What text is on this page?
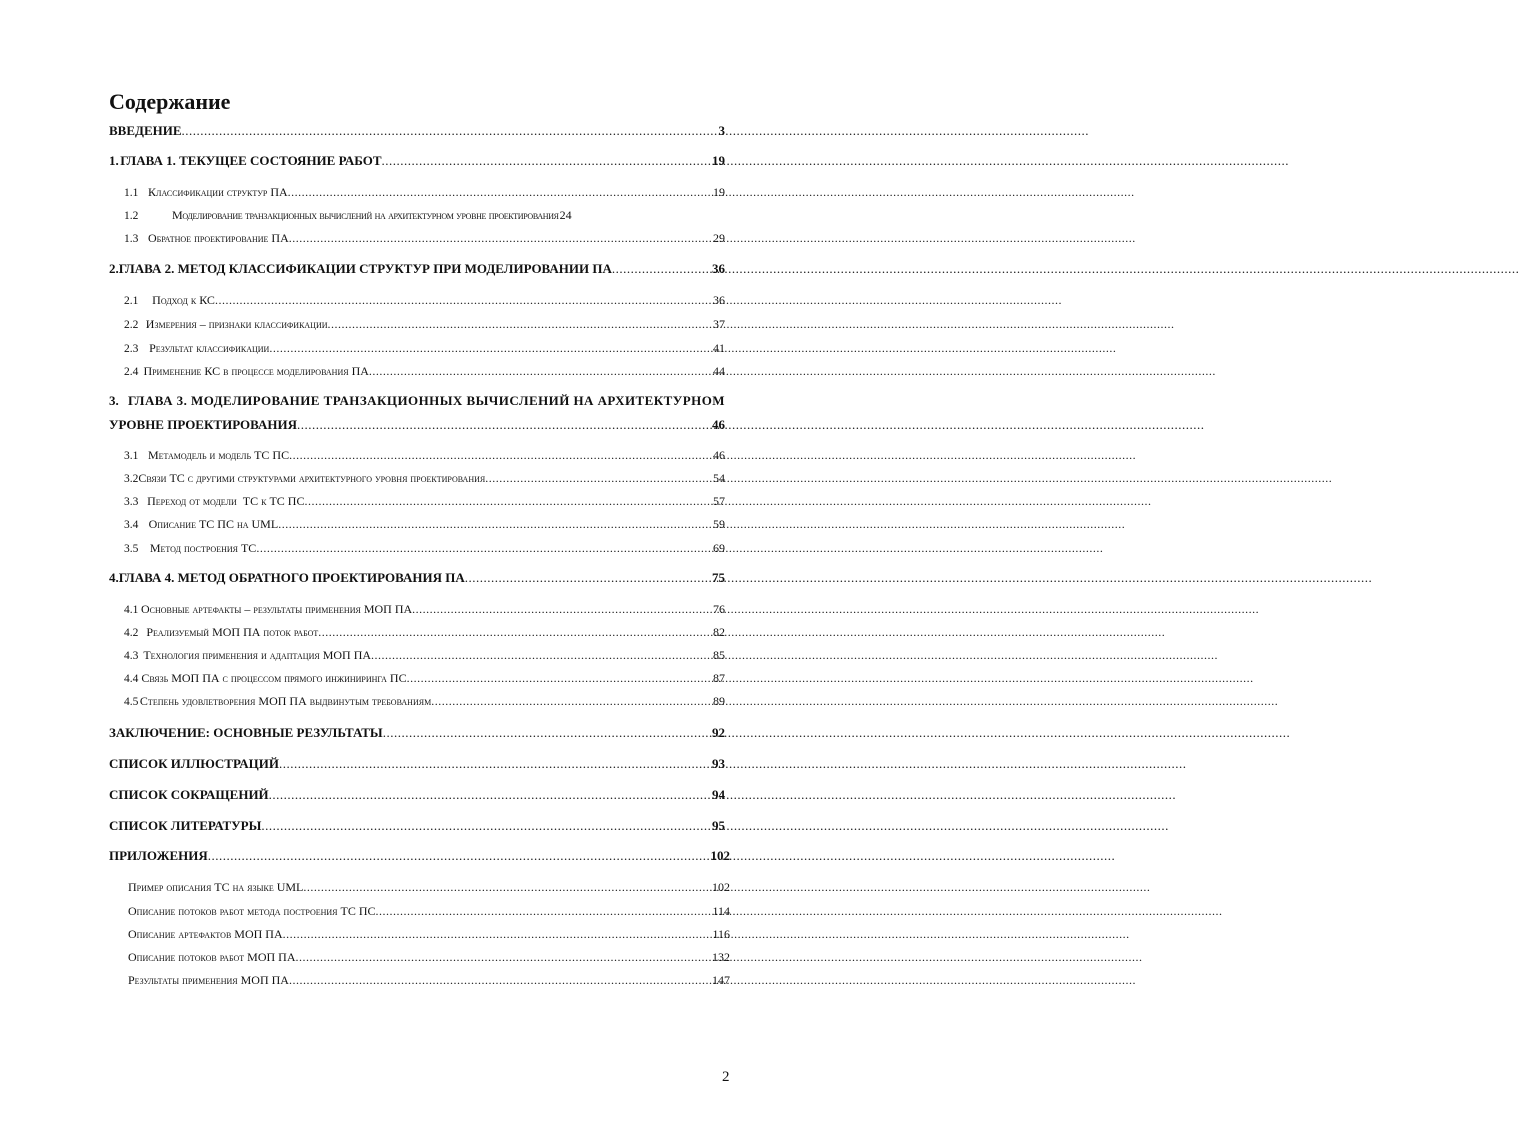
Содержание
ВВЕДЕНИЕ .....	3
1. ГЛАВА 1. ТЕКУЩЕЕ СОСТОЯНИЕ РАБОТ .....	19
1.1 Классификации структур ПА .....	19
1.2	Моделирование транзакционных вычислений на архитектурном уровне проектирования 24
1.3 Обратное проектирование ПА .....	29
2. ГЛАВА 2. МЕТОД КЛАССИФИКАЦИИ СТРУКТУР ПРИ МОДЕЛИРОВАНИИ ПА .....	36
2.1	Подход к КС .....	36
2.2 Измерения – признаки классификации .....	37
2.3 Результат классификации .....	41
2.4 Применение КС в процессе моделирования ПА .....	44
3. ГЛАВА 3. МОДЕЛИРОВАНИЕ ТРАНЗАКЦИОННЫХ ВЫЧИСЛЕНИЙ НА АРХИТЕКТУРНОМ
УРОВНЕ ПРОЕКТИРОВАНИЯ .....	46
3.1 Метамодель и модель ТС ПС .....	46
3.2 Связи ТС с другими структурами архитектурного уровня проектирования .....	54
3.3 Переход от модели  ТС к ТС ПС .....	57
3.4 Описание ТС ПС на UML .....	59
3.5 Метод построения ТС .....	69
4. ГЛАВА 4. МЕТОД ОБРАТНОГО ПРОЕКТИРОВАНИЯ ПА .....	75
4.1 Основные артефакты – результаты применения МОП ПА .....	76
4.2 Реализуемый МОП ПА поток работ .....	82
4.3 Технология применения и адаптация МОП ПА .....	85
4.4 Связь МОП ПА с процессом прямого инжиниринга ПС .....	87
4.5 Степень удовлетворения МОП ПА выдвинутым требованиям .....	89
ЗАКЛЮЧЕНИЕ: ОСНОВНЫЕ РЕЗУЛЬТАТЫ .....	92
СПИСОК ИЛЛЮСТРАЦИЙ .....	93
СПИСОК СОКРАЩЕНИЙ .....	94
СПИСОК ЛИТЕРАТУРЫ .....	95
ПРИЛОЖЕНИЯ .....	102
Пример описания ТС на языке UML .....	102
Описание потоков работ метода построения ТС ПС .....	114
Описание артефактов МОП ПА .....	116
Описание потоков работ МОП ПА .....	132
Результаты применения МОП ПА .....	147
2
